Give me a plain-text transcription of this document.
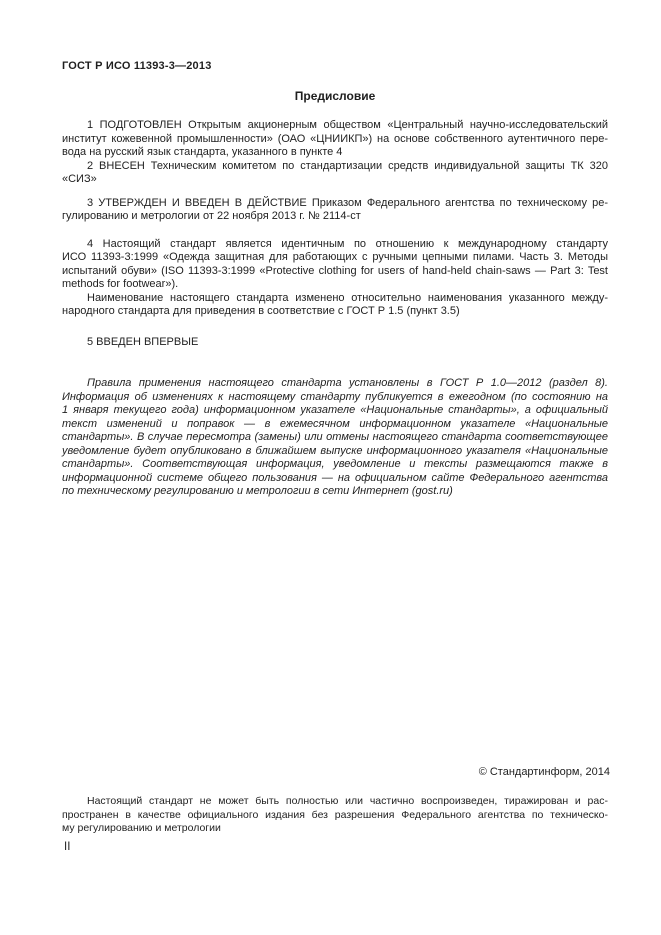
ГОСТ Р ИСО 11393-3—2013
Предисловие
1 ПОДГОТОВЛЕН Открытым акционерным обществом «Центральный научно-исследовательский
институт кожевенной промышленности» (ОАО «ЦНИИКП») на основе собственного аутентичного пере-
вода на русский язык стандарта, указанного в пункте 4
2 ВНЕСЕН Техническим комитетом по стандартизации средств индивидуальной защиты ТК 320
«СИЗ»
3 УТВЕРЖДЕН И ВВЕДЕН В ДЕЙСТВИЕ Приказом Федерального агентства по техническому ре-
гулированию и метрологии от 22 ноября 2013 г. № 2114-ст
4 Настоящий стандарт является идентичным по отношению к международному стандарту
ИСО 11393-3:1999 «Одежда защитная для работающих с ручными цепными пилами. Часть 3. Методы
испытаний обуви» (ISO 11393-3:1999 «Protective clothing for users of hand-held chain-saws — Part 3: Test
methods for footwear»).
Наименование настоящего стандарта изменено относительно наименования указанного между-
народного стандарта для приведения в соответствие с ГОСТ Р 1.5 (пункт 3.5)
5 ВВЕДЕН ВПЕРВЫЕ
Правила применения настоящего стандарта установлены в ГОСТ Р 1.0—2012 (раздел 8).
Информация об изменениях к настоящему стандарту публикуется в ежегодном (по состоянию на
1 января текущего года) информационном указателе «Национальные стандарты», а официальный
текст изменений и поправок — в ежемесячном информационном указателе «Национальные
стандарты». В случае пересмотра (замены) или отмены настоящего стандарта соответствующее
уведомление будет опубликовано в ближайшем выпуске информационного указателя «Национальные
стандарты». Соответствующая информация, уведомление и тексты размещаются также в
информационной системе общего пользования — на официальном сайте Федерального агентства
по техническому регулированию и метрологии в сети Интернет (gost.ru)
© Стандартинформ, 2014
Настоящий стандарт не может быть полностью или частично воспроизведен, тиражирован и рас-
пространен в качестве официального издания без разрешения Федерального агентства по техническо-
му регулированию и метрологии
II
